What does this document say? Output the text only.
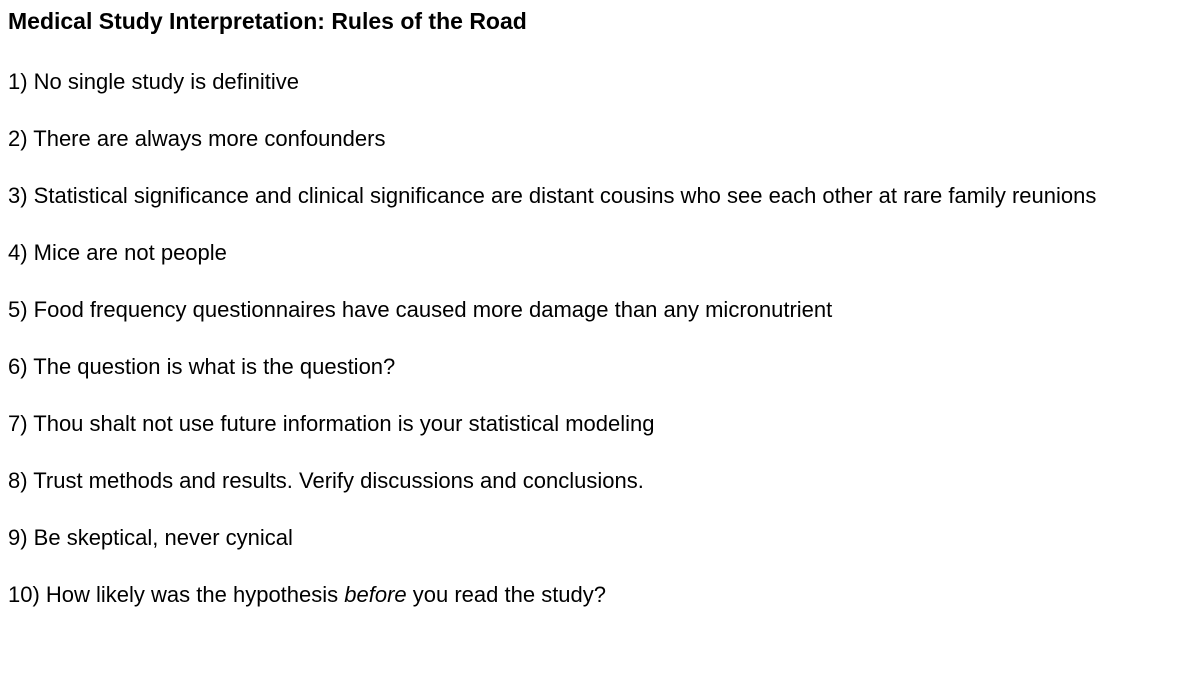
Medical Study Interpretation: Rules of the Road
1) No single study is definitive
2) There are always more confounders
3) Statistical significance and clinical significance are distant cousins who see each other at rare family reunions
4) Mice are not people
5) Food frequency questionnaires have caused more damage than any micronutrient
6) The question is what is the question?
7) Thou shalt not use future information is your statistical modeling
8) Trust methods and results. Verify discussions and conclusions.
9) Be skeptical, never cynical
10) How likely was the hypothesis before you read the study?
